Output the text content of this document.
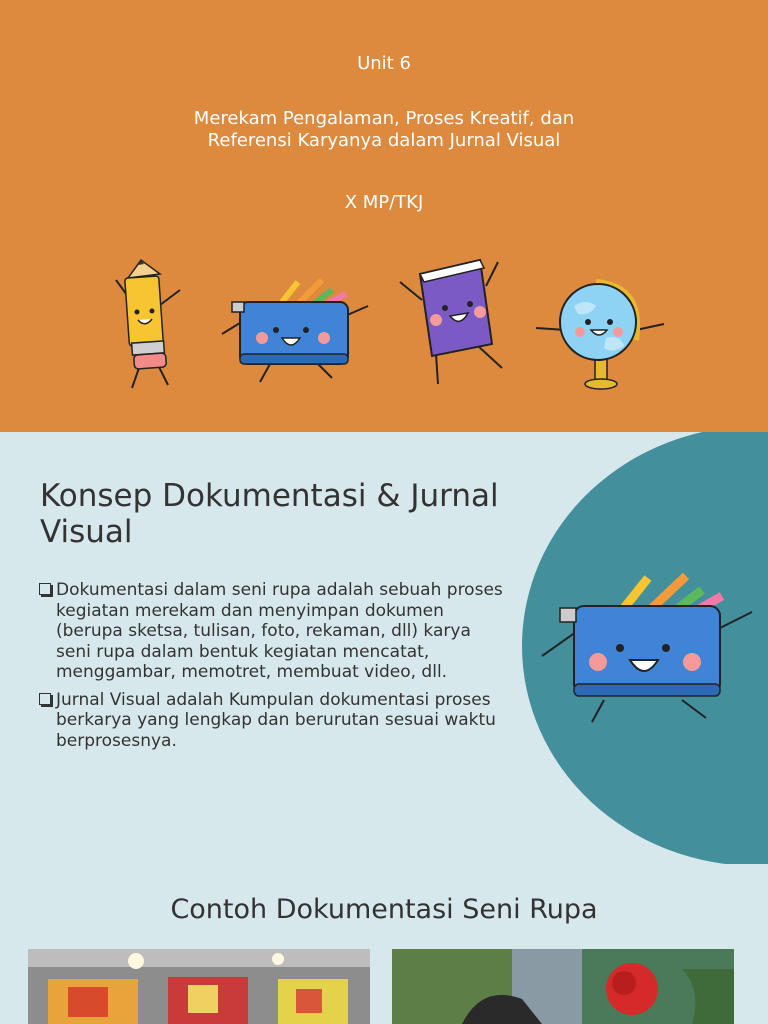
Unit 6
Merekam Pengalaman, Proses Kreatif, dan
Referensi Karyanya dalam Jurnal Visual
X MP/TKJ
Konsep Dokumentasi & Jurnal
Visual
Dokumentasi dalam seni rupa adalah sebuah proses kegiatan merekam dan menyimpan dokumen (berupa sketsa, tulisan, foto, rekaman, dll) karya seni rupa dalam bentuk kegiatan mencatat, menggambar, memotret, membuat video, dll.
Jurnal Visual adalah Kumpulan dokumentasi proses berkarya yang lengkap dan berurutan sesuai waktu berprosesnya.
Contoh Dokumentasi Seni Rupa
